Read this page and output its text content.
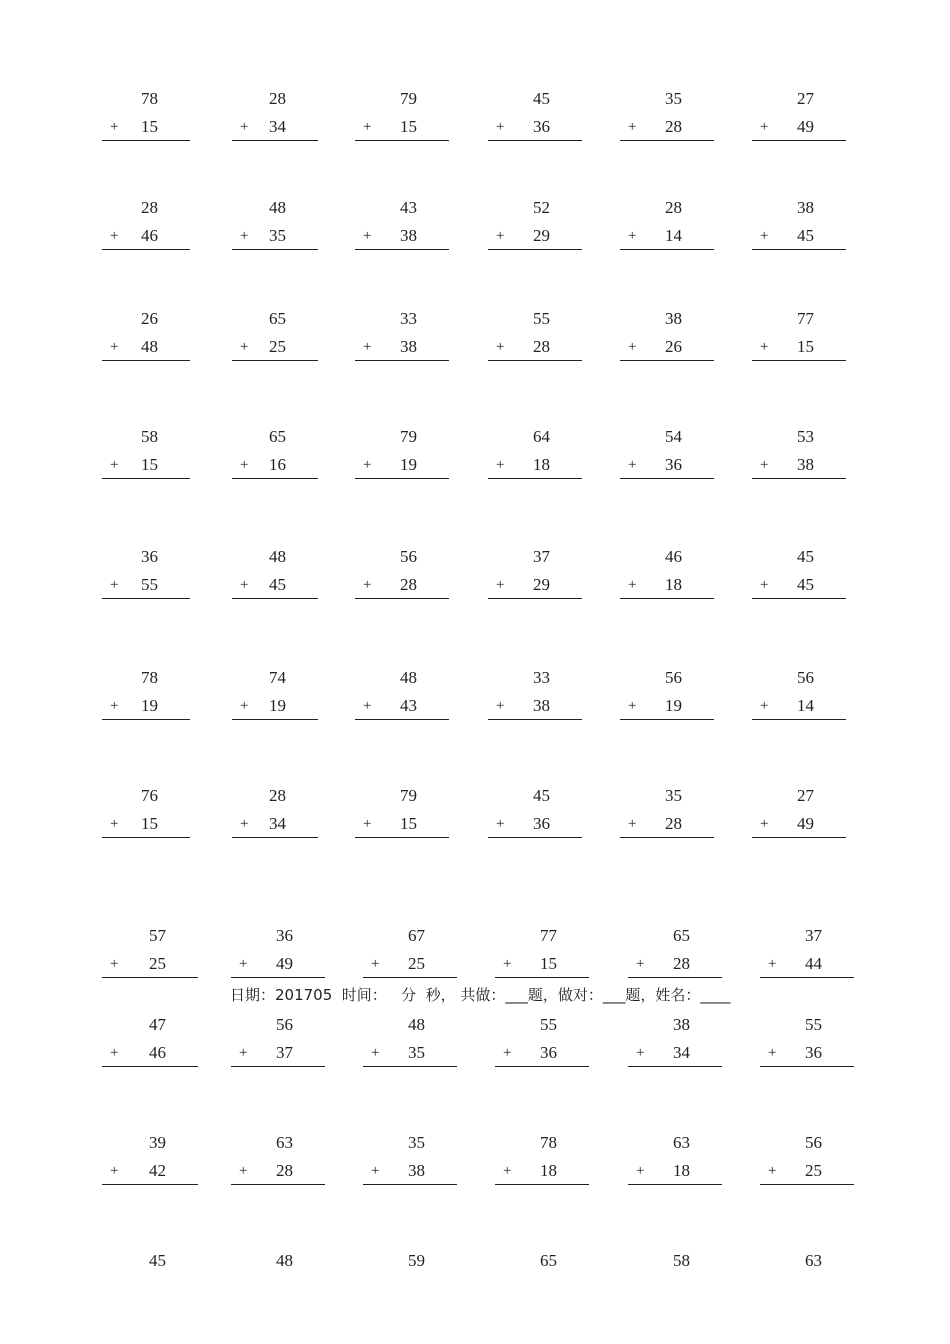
78
+ 15
28
+ 34
79
+ 15
45
+ 36
35
+ 28
27
+ 49
28
+ 46
48
+ 35
43
+ 38
52
+ 29
28
+ 14
38
+ 45
26
+ 48
65
+ 25
33
+ 38
55
+ 28
38
+ 26
77
+ 15
58
+ 15
65
+ 16
79
+ 19
64
+ 18
54
+ 36
53
+ 38
36
+ 55
48
+ 45
56
+ 28
37
+ 29
46
+ 18
45
+ 45
78
+ 19
74
+ 19
48
+ 43
33
+ 38
56
+ 19
56
+ 14
76
+ 15
28
+ 34
79
+ 15
45
+ 36
35
+ 28
27
+ 49
57
+ 25
36
+ 49
67
+ 25
77
+ 15
65
+ 28
37
+ 44
47
+ 46
56
+ 37
48
+ 35
55
+ 36
38
+ 34
55
+ 36
39
+ 42
63
+ 28
35
+ 38
78
+ 18
63
+ 18
56
+ 25
45	48	59	65	58	63
日期：201705  时间：   分  秒， 共做：___题，做对：___题，姓名：____
